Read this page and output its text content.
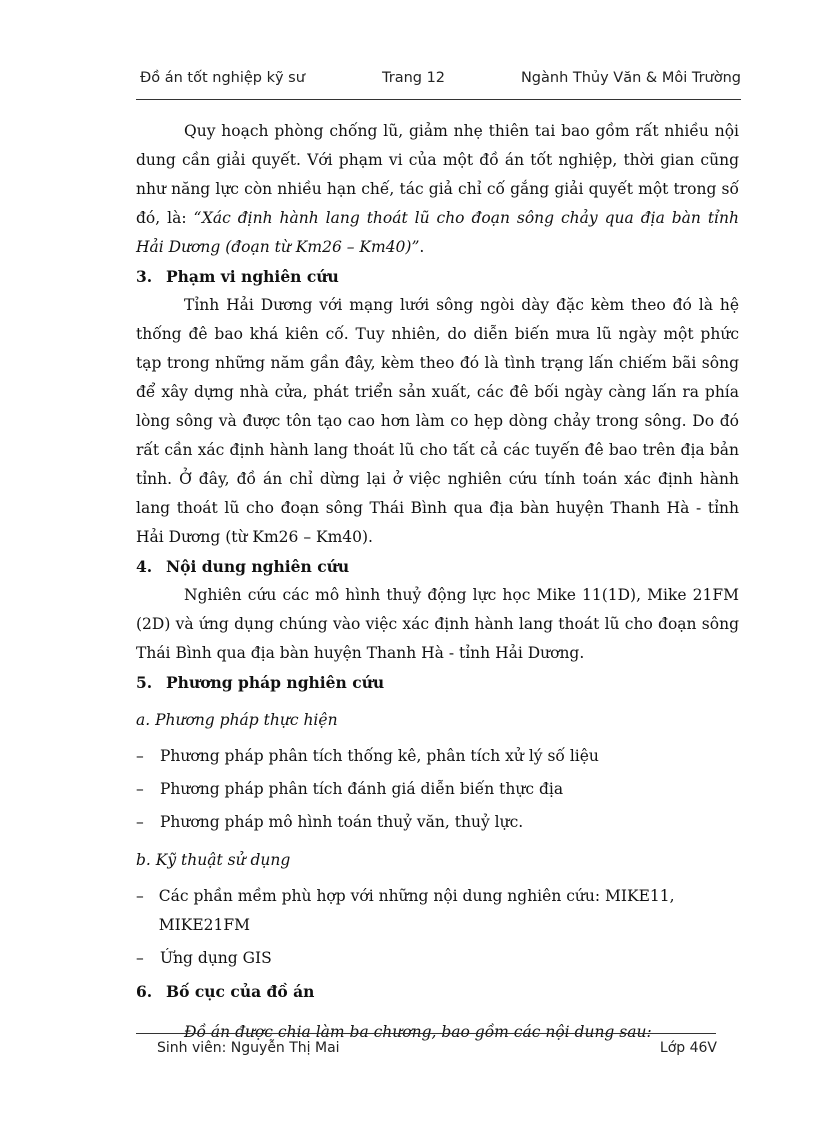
Đồ án tốt nghiệp kỹ sư	Trang 12	Ngành Thủy Văn & Môi Trường

Quy hoạch phòng chống lũ, giảm nhẹ thiên tai bao gồm rất nhiều nội dung cần giải quyết. Với phạm vi của một đồ án tốt nghiệp, thời gian cũng như năng lực còn nhiều hạn chế, tác giả chỉ cố gắng giải quyết một trong số đó, là: “Xác định hành lang thoát lũ cho đoạn sông chảy qua địa bàn tỉnh Hải Dương (đoạn từ Km26 – Km40)”.

3. Phạm vi nghiên cứu

Tỉnh Hải Dương với mạng lưới sông ngòi dày đặc kèm theo đó là hệ thống đê bao khá kiên cố. Tuy nhiên, do diễn biến mưa lũ ngày một phức tạp trong những năm gần đây, kèm theo đó là tình trạng lấn chiếm bãi sông để xây dựng nhà cửa, phát triển sản xuất, các đê bối ngày càng lấn ra phía lòng sông và được tôn tạo cao hơn làm co hẹp dòng chảy trong sông. Do đó rất cần xác định hành lang thoát lũ cho tất cả các tuyến đê bao trên địa bản tỉnh. Ở đây, đồ án chỉ dừng lại ở việc nghiên cứu tính toán xác định hành lang thoát lũ cho đoạn sông Thái Bình qua địa bàn huyện Thanh Hà - tỉnh Hải Dương (từ Km26 – Km40).

4. Nội dung nghiên cứu

Nghiên cứu các mô hình thuỷ động lực học Mike 11(1D), Mike 21FM (2D) và ứng dụng chúng vào việc xác định hành lang thoát lũ cho đoạn sông Thái Bình qua địa bàn huyện Thanh Hà - tỉnh Hải Dương.

5. Phương pháp nghiên cứu
a. Phương pháp thực hiện
–	Phương pháp phân tích thống kê, phân tích xử lý số liệu
–	Phương pháp phân tích đánh giá diễn biến thực địa
–	Phương pháp mô hình toán thuỷ văn, thuỷ lực.
b. Kỹ thuật sử dụng
– Các phần mềm phù hợp với những nội dung nghiên cứu: MIKE11, MIKE21FM
–	Ứng dụng GIS
6. Bố cục của đồ án
Đồ án được chia làm ba chương, bao gồm các nội dung sau:
Sinh viên: Nguyễn Thị Mai	Lớp 46V
